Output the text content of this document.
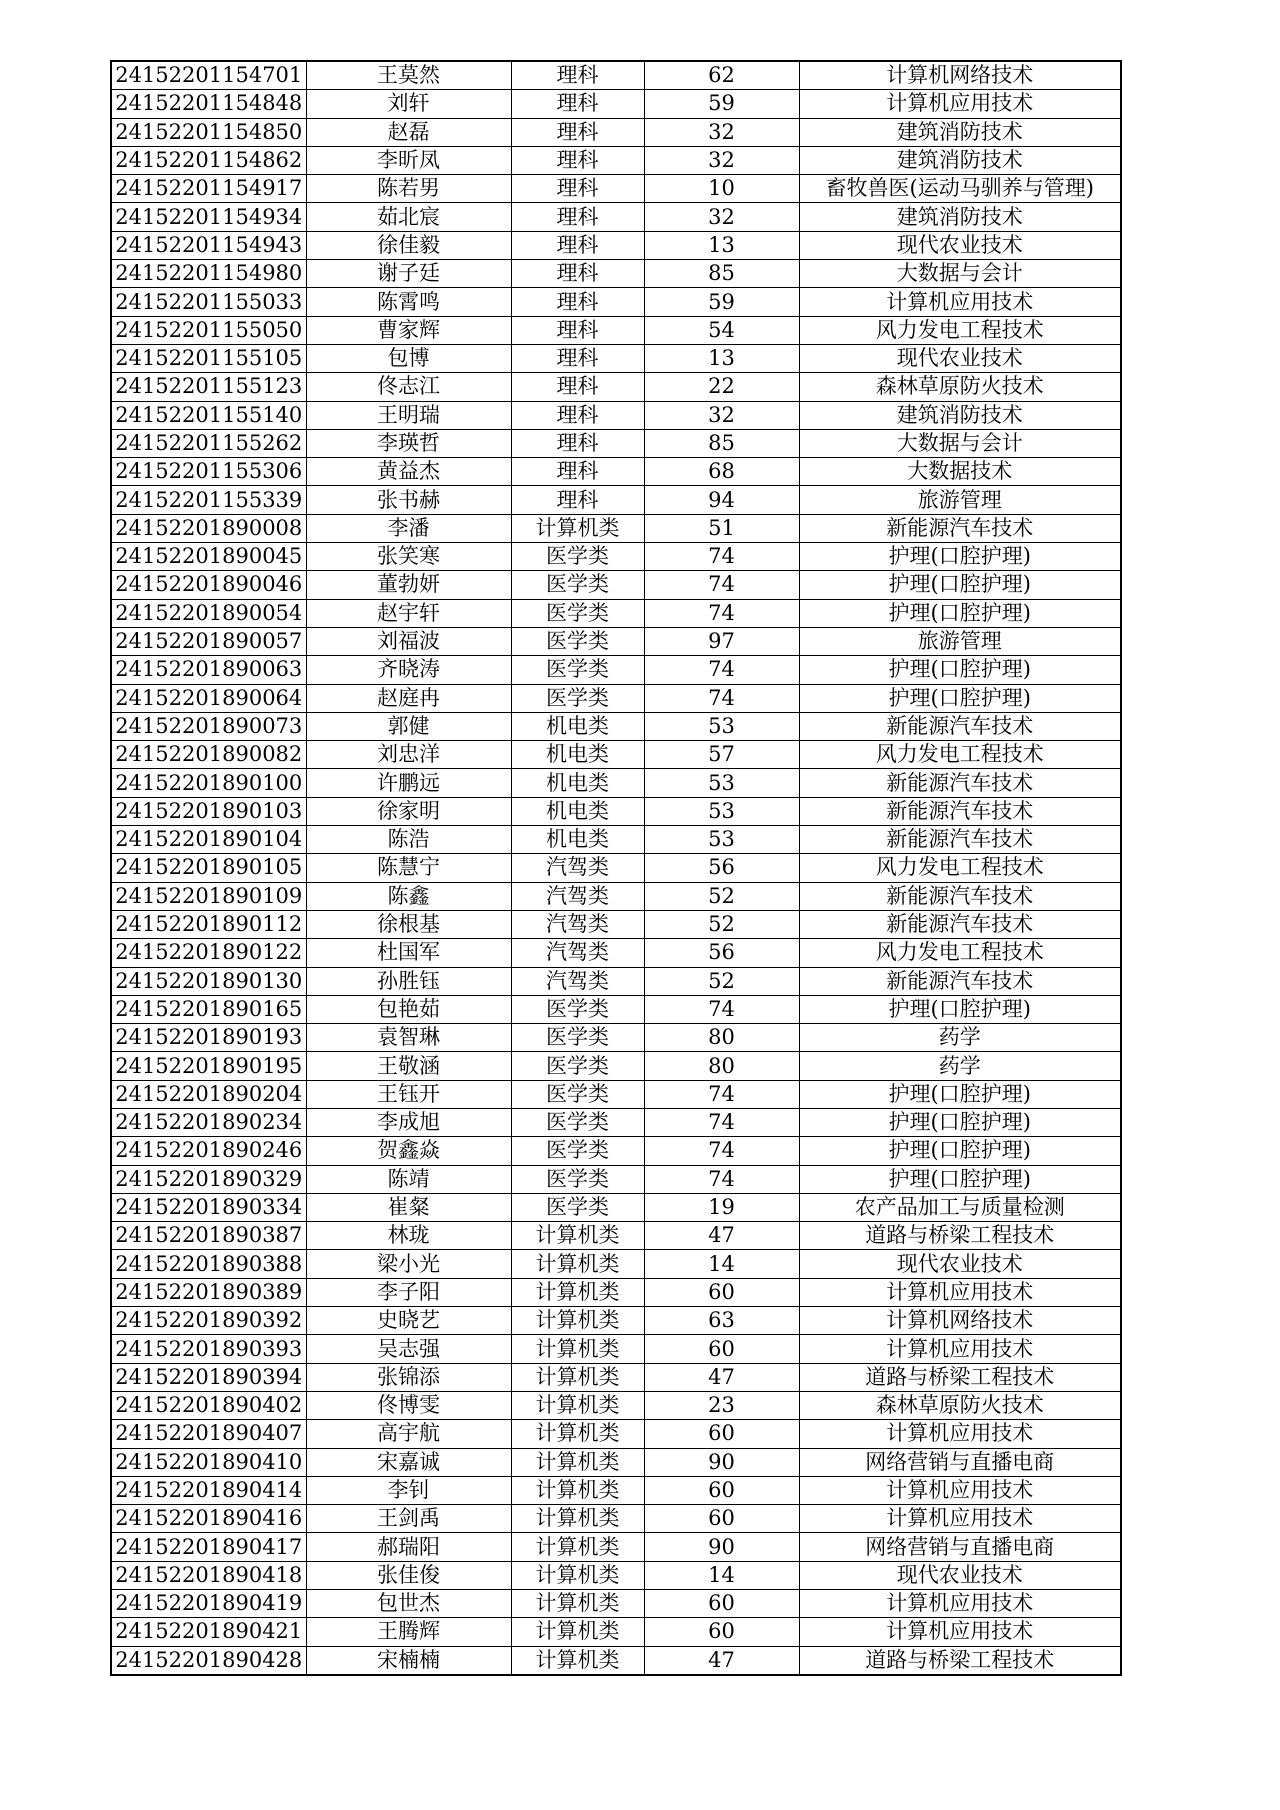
24152201154701	王莫然	理科	62	计算机网络技术
24152201154848	刘轩	理科	59	计算机应用技术
24152201154850	赵磊	理科	32	建筑消防技术
24152201154862	李昕凤	理科	32	建筑消防技术
24152201154917	陈若男	理科	10	畜牧兽医(运动马驯养与管理)
24152201154934	茹北宸	理科	32	建筑消防技术
24152201154943	徐佳毅	理科	13	现代农业技术
24152201154980	谢子廷	理科	85	大数据与会计
24152201155033	陈霄鸣	理科	59	计算机应用技术
24152201155050	曹家辉	理科	54	风力发电工程技术
24152201155105	包博	理科	13	现代农业技术
24152201155123	佟志江	理科	22	森林草原防火技术
24152201155140	王明瑞	理科	32	建筑消防技术
24152201155262	李瑛哲	理科	85	大数据与会计
24152201155306	黄益杰	理科	68	大数据技术
24152201155339	张书赫	理科	94	旅游管理
24152201890008	李潘	计算机类	51	新能源汽车技术
24152201890045	张笑寒	医学类	74	护理(口腔护理)
24152201890046	董勃妍	医学类	74	护理(口腔护理)
24152201890054	赵宇轩	医学类	74	护理(口腔护理)
24152201890057	刘福波	医学类	97	旅游管理
24152201890063	齐晓涛	医学类	74	护理(口腔护理)
24152201890064	赵庭冉	医学类	74	护理(口腔护理)
24152201890073	郭健	机电类	53	新能源汽车技术
24152201890082	刘忠洋	机电类	57	风力发电工程技术
24152201890100	许鹏远	机电类	53	新能源汽车技术
24152201890103	徐家明	机电类	53	新能源汽车技术
24152201890104	陈浩	机电类	53	新能源汽车技术
24152201890105	陈慧宁	汽驾类	56	风力发电工程技术
24152201890109	陈鑫	汽驾类	52	新能源汽车技术
24152201890112	徐根基	汽驾类	52	新能源汽车技术
24152201890122	杜国军	汽驾类	56	风力发电工程技术
24152201890130	孙胜钰	汽驾类	52	新能源汽车技术
24152201890165	包艳茹	医学类	74	护理(口腔护理)
24152201890193	袁智琳	医学类	80	药学
24152201890195	王敬涵	医学类	80	药学
24152201890204	王钰开	医学类	74	护理(口腔护理)
24152201890234	李成旭	医学类	74	护理(口腔护理)
24152201890246	贺鑫焱	医学类	74	护理(口腔护理)
24152201890329	陈靖	医学类	74	护理(口腔护理)
24152201890334	崔粲	医学类	19	农产品加工与质量检测
24152201890387	林珑	计算机类	47	道路与桥梁工程技术
24152201890388	梁小光	计算机类	14	现代农业技术
24152201890389	李子阳	计算机类	60	计算机应用技术
24152201890392	史晓艺	计算机类	63	计算机网络技术
24152201890393	吴志强	计算机类	60	计算机应用技术
24152201890394	张锦添	计算机类	47	道路与桥梁工程技术
24152201890402	佟博雯	计算机类	23	森林草原防火技术
24152201890407	高宇航	计算机类	60	计算机应用技术
24152201890410	宋嘉诚	计算机类	90	网络营销与直播电商
24152201890414	李钊	计算机类	60	计算机应用技术
24152201890416	王剑禹	计算机类	60	计算机应用技术
24152201890417	郝瑞阳	计算机类	90	网络营销与直播电商
24152201890418	张佳俊	计算机类	14	现代农业技术
24152201890419	包世杰	计算机类	60	计算机应用技术
24152201890421	王腾辉	计算机类	60	计算机应用技术
24152201890428	宋楠楠	计算机类	47	道路与桥梁工程技术
